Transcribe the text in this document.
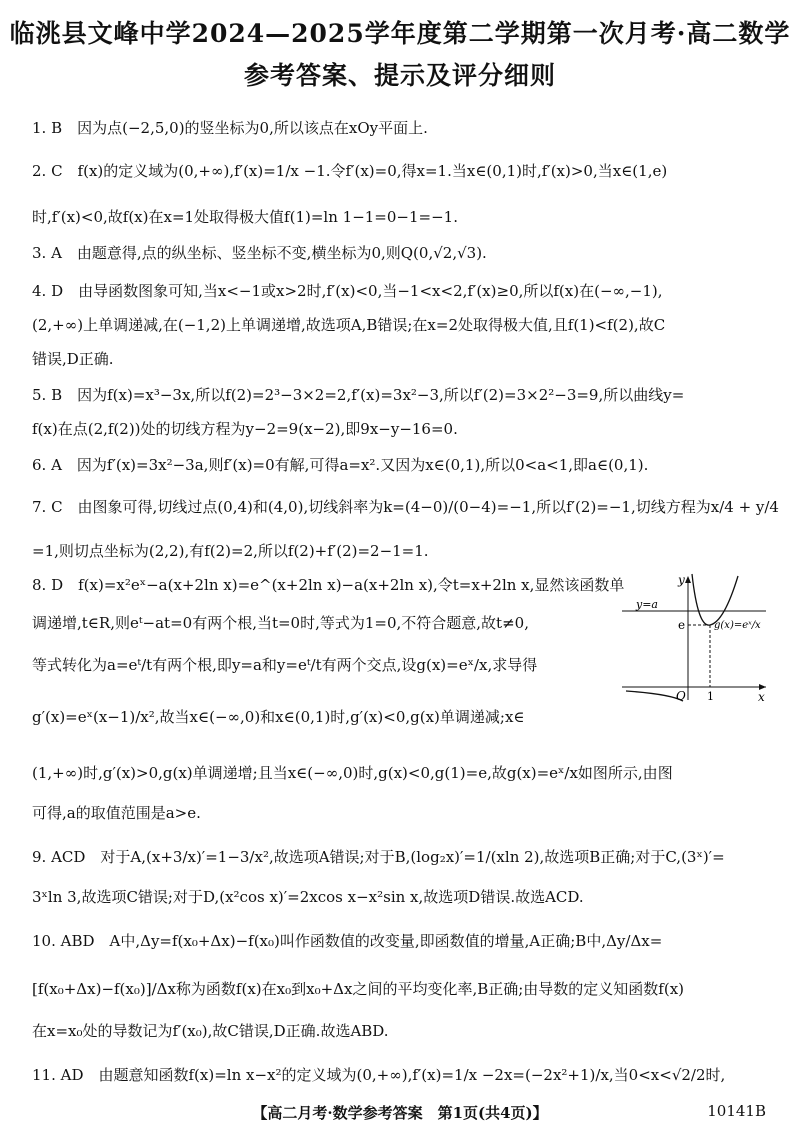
临洮县文峰中学2024—2025学年度第二学期第一次月考·高二数学
参考答案、提示及评分细则
1. B　因为点(−2,5,0)的竖坐标为0,所以该点在xOy平面上.
2. C　f(x)的定义域为(0,+∞),f′(x)=1/x −1.令f′(x)=0,得x=1.当x∈(0,1)时,f′(x)>0,当x∈(1,e)
时,f′(x)<0,故f(x)在x=1处取得极大值f(1)=ln 1−1=0−1=−1.
3. A　由题意得,点的纵坐标、竖坐标不变,横坐标为0,则Q(0,√2,√3).
4. D　由导函数图象可知,当x<−1或x>2时,f′(x)<0,当−1<x<2,f′(x)≥0,所以f(x)在(−∞,−1),
(2,+∞)上单调递减,在(−1,2)上单调递增,故选项A,B错误;在x=2处取得极大值,且f(1)<f(2),故C
错误,D正确.
5. B　因为f(x)=x³−3x,所以f(2)=2³−3×2=2,f′(x)=3x²−3,所以f′(2)=3×2²−3=9,所以曲线y=
f(x)在点(2,f(2))处的切线方程为y−2=9(x−2),即9x−y−16=0.
6. A　因为f′(x)=3x²−3a,则f′(x)=0有解,可得a=x².又因为x∈(0,1),所以0<a<1,即a∈(0,1).
7. C　由图象可得,切线过点(0,4)和(4,0),切线斜率为k=(4−0)/(0−4)=−1,所以f′(2)=−1,切线方程为x/4 + y/4
=1,则切点坐标为(2,2),有f(2)=2,所以f(2)+f′(2)=2−1=1.
8. D　f(x)=x²eˣ−a(x+2ln x)=e^(x+2ln x)−a(x+2ln x),令t=x+2ln x,显然该函数单
调递增,t∈R,则eᵗ−at=0有两个根,当t=0时,等式为1=0,不符合题意,故t≠0,
等式转化为a=eᵗ/t有两个根,即y=a和y=eᵗ/t有两个交点,设g(x)=eˣ/x,求导得
g′(x)=eˣ(x−1)/x²,故当x∈(−∞,0)和x∈(0,1)时,g′(x)<0,g(x)单调递减;x∈
(1,+∞)时,g′(x)>0,g(x)单调递增;且当x∈(−∞,0)时,g(x)<0,g(1)=e,故g(x)=eˣ/x如图所示,由图
可得,a的取值范围是a>e.
9. ACD　对于A,(x+3/x)′=1−3/x²,故选项A错误;对于B,(log₂x)′=1/(xln 2),故选项B正确;对于C,(3ˣ)′=
3ˣln 3,故选项C错误;对于D,(x²cos x)′=2xcos x−x²sin x,故选项D错误.故选ACD.
10. ABD　A中,Δy=f(x₀+Δx)−f(x₀)叫作函数值的改变量,即函数值的增量,A正确;B中,Δy/Δx=
[f(x₀+Δx)−f(x₀)]/Δx称为函数f(x)在x₀到x₀+Δx之间的平均变化率,B正确;由导数的定义知函数f(x)
在x=x₀处的导数记为f′(x₀),故C错误,D正确.故选ABD.
11. AD　由题意知函数f(x)=ln x−x²的定义域为(0,+∞),f′(x)=1/x −2x=(−2x²+1)/x,当0<x<√2/2时,
y
x
O
y=a
e
1
g(x)=eˣ/x
【高二月考·数学参考答案　第1页(共4页)】	10141B
